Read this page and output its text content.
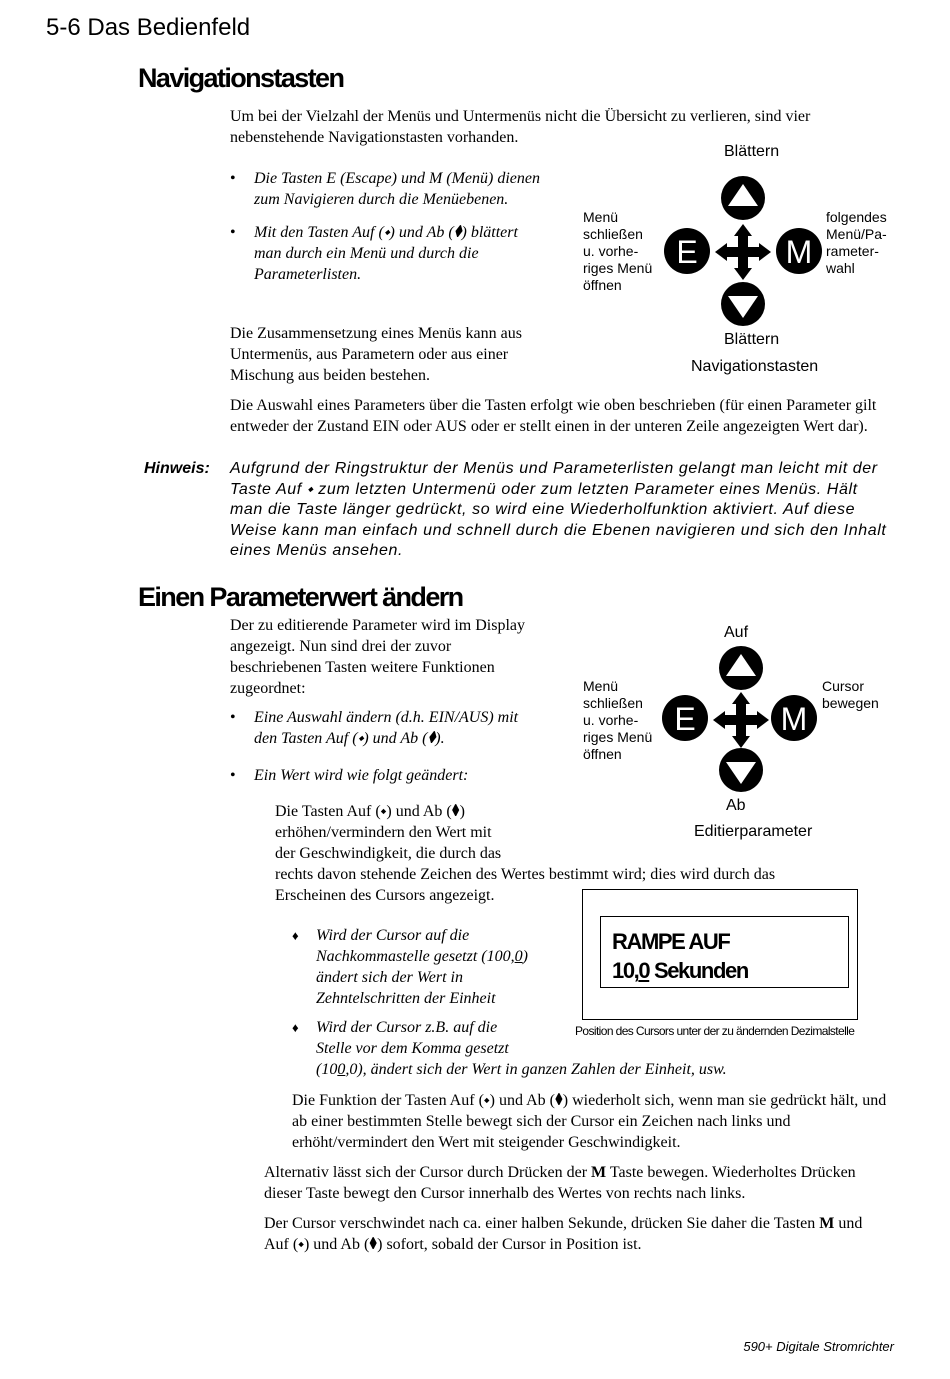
5-6 Das Bedienfeld
Navigationstasten

Um bei der Vielzahl der Menüs und Untermenüs nicht die Übersicht zu verlieren, sind vier nebenstehende Navigationstasten vorhanden.

• Die Tasten E (Escape) und M (Menü) dienen zum Navigieren durch die Menüebenen.
• Mit den Tasten Auf (⬩) und Ab (⧫) blättert man durch ein Menü und durch die Parameterlisten.

Die Zusammensetzung eines Menüs kann aus Untermenüs, aus Parametern oder aus einer Mischung aus beiden bestehen.

Blättern
Menü
schließen
u. vorhe-
riges Menü
öffnen
folgendes
Menü/Pa-
rameter-
wahl
E	M
Blättern
Navigationstasten

Die Auswahl eines Parameters über die Tasten erfolgt wie oben beschrieben (für einen Parameter gilt entweder der Zustand EIN oder AUS oder er stellt einen in der unteren Zeile angezeigten Wert dar).

Hinweis: Aufgrund der Ringstruktur der Menüs und Parameterlisten gelangt man leicht mit der Taste Auf ⬩ zum letzten Untermenü oder zum letzten Parameter eines Menüs. Hält man die Taste länger gedrückt, so wird eine Wiederholfunktion aktiviert. Auf diese Weise kann man einfach und schnell durch die Ebenen navigieren und sich den Inhalt eines Menüs ansehen.

Einen Parameterwert ändern

Der zu editierende Parameter wird im Display angezeigt. Nun sind drei der zuvor beschriebenen Tasten weitere Funktionen zugeordnet:

• Eine Auswahl ändern (d.h. EIN/AUS) mit den Tasten Auf (⬩) und Ab (⧫).
• Ein Wert wird wie folgt geändert:
Auf
Menü
schließen
u. vorhe-
riges Menü
öffnen
Cursor
bewegen
E	M
Ab
Editierparameter
Die Tasten Auf (⬩) und Ab (⧫)
erhöhen/vermindern den Wert mit
der Geschwindigkeit, die durch das
rechts davon stehende Zeichen des Wertes bestimmt wird; dies wird durch das
Erscheinen des Cursors angezeigt.
♦ Wird der Cursor auf die
Nachkommastelle gesetzt (100,0)
ändert sich der Wert in
Zehntelschritten der Einheit
♦ Wird der Cursor z.B. auf die
Stelle vor dem Komma gesetzt
(100,0), ändert sich der Wert in ganzen Zahlen der Einheit, usw.
RAMPE AUF
10,0 Sekunden
Position des Cursors unter der zu ändernden Dezimalstelle

Die Funktion der Tasten Auf (⬩) und Ab (⧫) wiederholt sich, wenn man sie gedrückt hält, und ab einer bestimmten Stelle bewegt sich der Cursor ein Zeichen nach links und erhöht/vermindert den Wert mit steigender Geschwindigkeit.

Alternativ lässt sich der Cursor durch Drücken der M Taste bewegen. Wiederholtes Drücken dieser Taste bewegt den Cursor innerhalb des Wertes von rechts nach links.

Der Cursor verschwindet nach ca. einer halben Sekunde, drücken Sie daher die Tasten M und Auf (⬩) und Ab (⧫) sofort, sobald der Cursor in Position ist.

590+ Digitale Stromrichter
